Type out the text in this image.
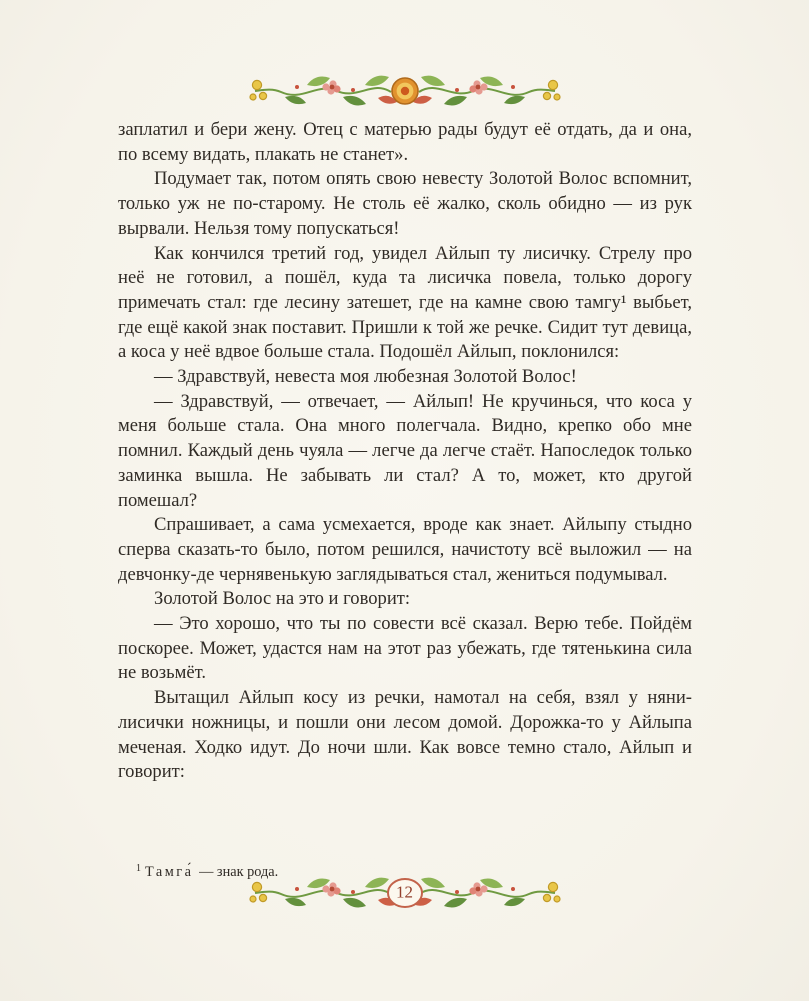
заплатил и бери жену. Отец с матерью рады будут её отдать, да и она, по всему видать, плакать не станет».

Подумает так, потом опять свою невесту Золотой Волос вспомнит, только уж не по-старому. Не столь её жалко, сколь обидно — из рук вырвали. Нельзя тому попускаться!

Как кончился третий год, увидел Айлып ту лисичку. Стрелу про неё не готовил, а пошёл, куда та лисичка повела, только дорогу примечать стал: где лесину затешет, где на камне свою тамгу¹ выбьет, где ещё какой знак поставит. Пришли к той же речке. Сидит тут девица, а коса у неё вдвое больше стала. Подошёл Айлып, поклонился:

— Здравствуй, невеста моя любезная Золотой Волос!

— Здравствуй, — отвечает, — Айлып! Не кручинься, что коса у меня больше стала. Она много полегчала. Видно, крепко обо мне помнил. Каждый день чуяла — легче да легче стаёт. Напоследок только заминка вышла. Не забывать ли стал? А то, может, кто другой помешал?

Спрашивает, а сама усмехается, вроде как знает. Айлыпу стыдно сперва сказать-то было, потом решился, начистоту всё выложил — на девчонку-де чернявенькую заглядываться стал, жениться подумывал.

Золотой Волос на это и говорит:

— Это хорошо, что ты по совести всё сказал. Верю тебе. Пойдём поскорее. Может, удастся нам на этот раз убежать, где тятенькина сила не возьмёт.

Вытащил Айлып косу из речки, намотал на себя, взял у няни-лисички ножницы, и пошли они лесом домой. Дорожка-то у Айлыпа меченая. Ходко идут. До ночи шли. Как вовсе темно стало, Айлып и говорит:

$^1$ Тамга́ — знак рода.

12
